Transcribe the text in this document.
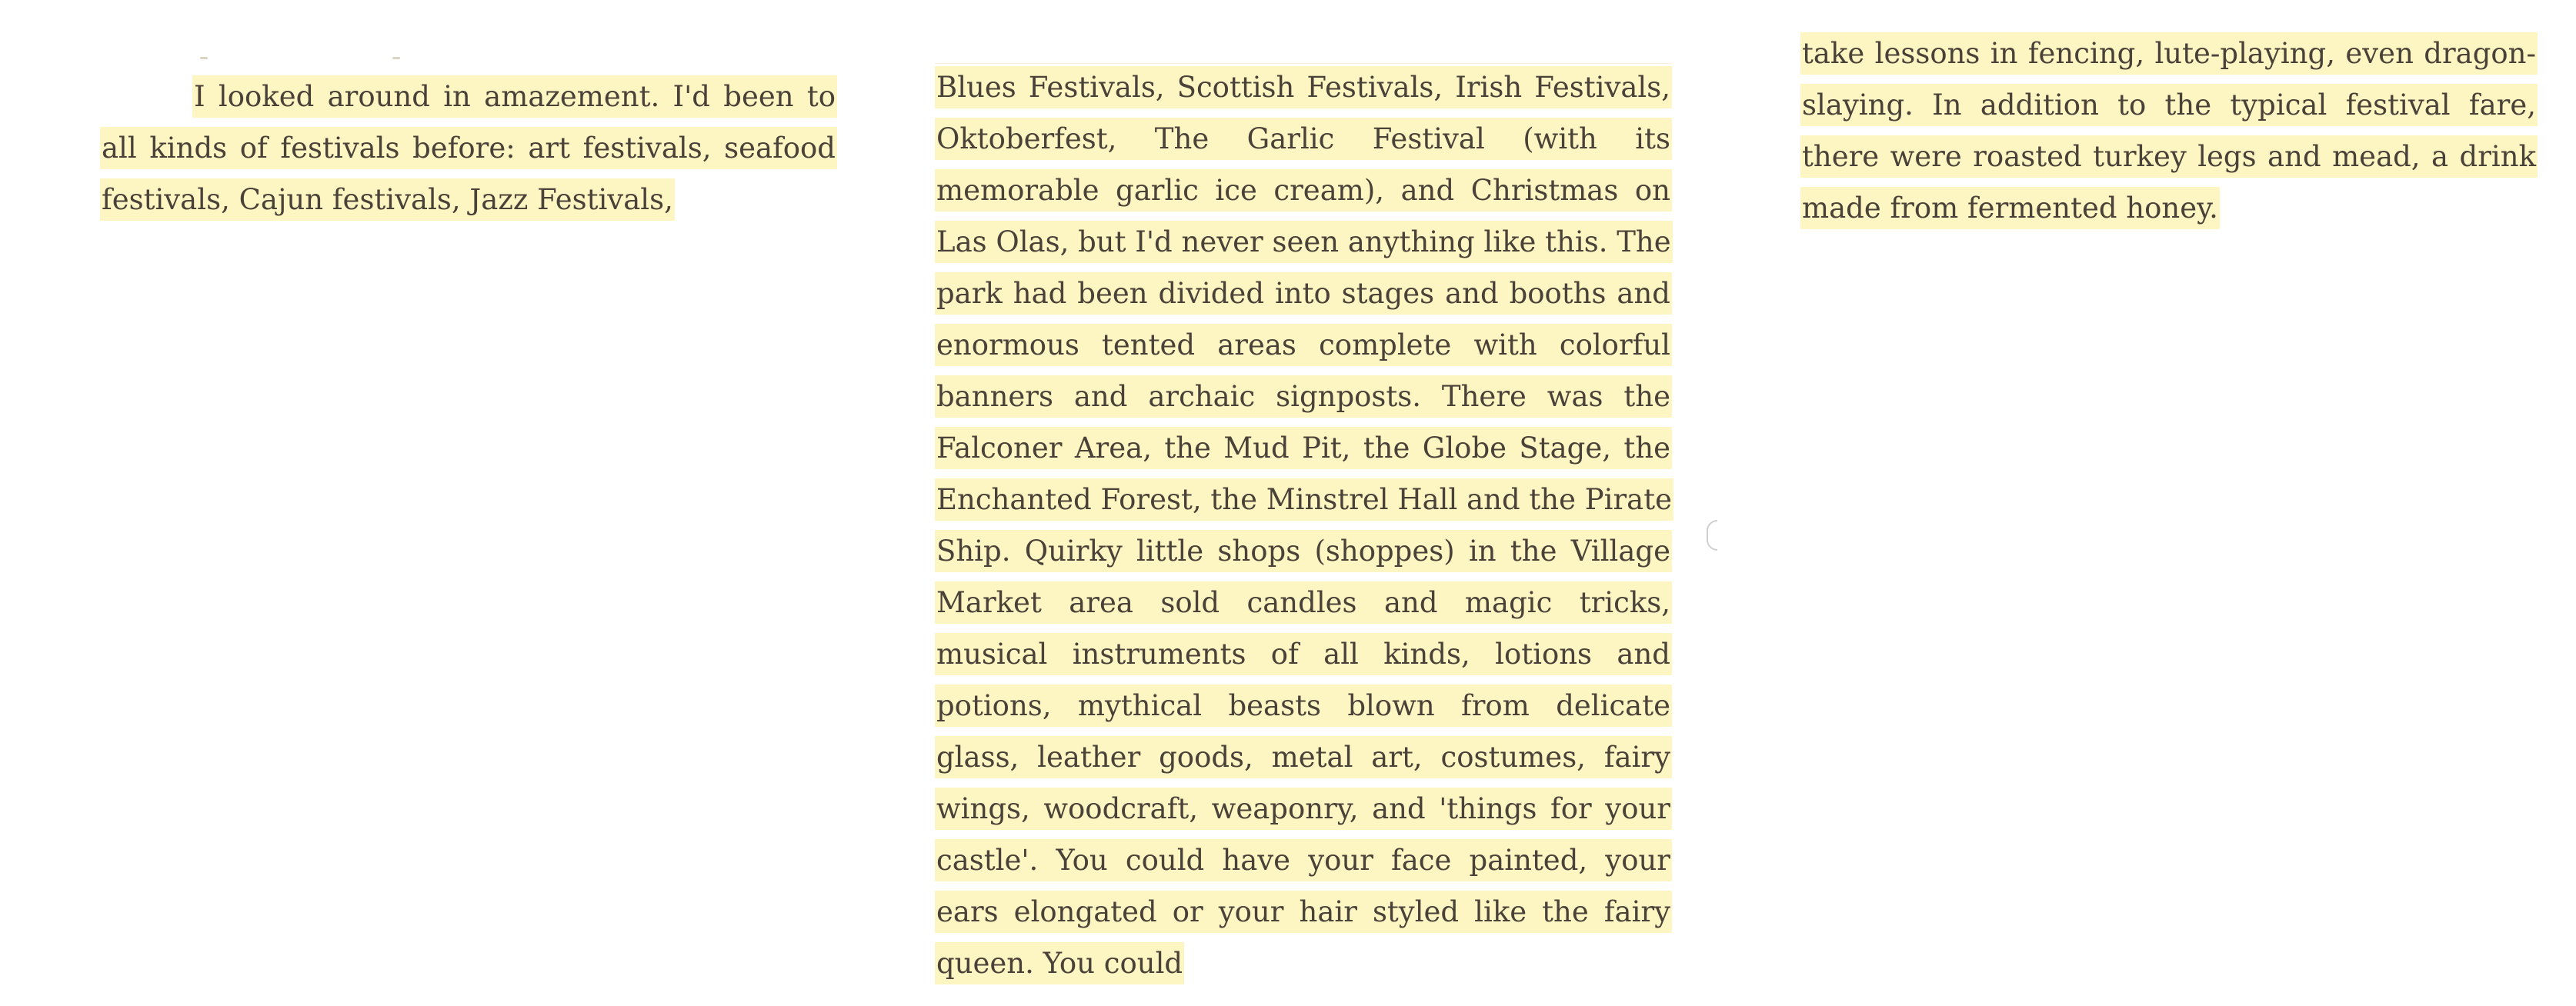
I looked around in amazement. I'd been to all kinds of festivals before: art festivals, seafood festivals, Cajun festivals, Jazz Festivals,
Blues Festivals, Scottish Festivals, Irish Festivals, Oktoberfest, The Garlic Festival (with its memorable garlic ice cream), and Christmas on Las Olas, but I'd never seen anything like this. The park had been divided into stages and booths and enormous tented areas complete with colorful banners and archaic signposts. There was the Falconer Area, the Mud Pit, the Globe Stage, the Enchanted Forest, the Minstrel Hall and the Pirate Ship. Quirky little shops (shoppes) in the Village Market area sold candles and magic tricks, musical instruments of all kinds, lotions and potions, mythical beasts blown from delicate glass, leather goods, metal art, costumes, fairy wings, woodcraft, weaponry, and 'things for your castle'. You could have your face painted, your ears elongated or your hair styled like the fairy queen. You could
take lessons in fencing, lute-playing, even dragon-slaying. In addition to the typical festival fare, there were roasted turkey legs and mead, a drink made from fermented honey.
